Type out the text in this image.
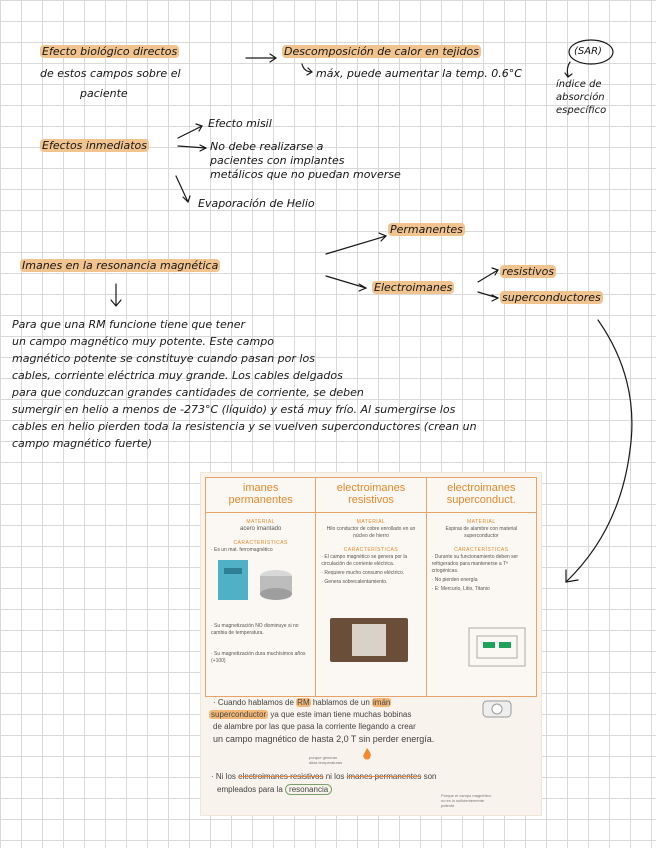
Efecto biológico directos
de estos campos sobre el
paciente
Descomposición de calor en tejidos	(SAR)
máx, puede aumentar la temp. 0.6°C
índice de
absorción
específico
Efectos inmediatos
Efecto misil
No debe realizarse a
pacientes con implantes
metálicos que no puedan moverse
Evaporación de Helio
Permanentes
Imanes en la resonancia magnética
Electroimanes
resistivos
superconductores
Para que una RM funcione tiene que tener
un campo magnético muy potente. Este campo
magnético potente se constituye cuando pasan por los
cables, corriente eléctrica muy grande. Los cables delgados
para que conduzcan grandes cantidades de corriente, se deben
sumergir en helio a menos de -273°C (líquido) y está muy frío. Al sumergirse los
cables en helio pierden toda la resistencia y se vuelven superconductores (crean un
campo magnético fuerte)
imanes
permanentes
MATERIAL
acero imantado
CARACTERÍSTICAS
· Es un mat. ferromagnético
· Su magnetización NO disminuye si no cambia de temperatura.
· Su magnetización dura muchísimos años (+100)
electroimanes
resistivos
MATERIAL
Hilo conductor de cobre enrollado en un núcleo de hierro
CARACTERÍSTICAS
· El campo magnético se genera por la circulación de corriente eléctrica.
· Requiere mucho consumo eléctrico.
· Genera sobrecalentamiento.
electroimanes
superconduct.
MATERIAL
Espiras de alambre con material superconductor
CARACTERÍSTICAS
· Durante su funcionamiento deben ser refrigerados para mantenerse a Tª criogénicas.
· No pierden energía
· E: Mercurio, Litio, Titanio
· Cuando hablamos de RM hablamos de un imán
superconductor ya que este iman tiene muchas bobinas
de alambre por las que pasa la corriente llegando a crear
un campo magnético de hasta 2,0 T sin perder energía.
porque generan
altas temperaturas
· Ni los electroimanes resistivos ni los imanes permanentes son
empleados para la resonancia
Porque el campo magnético
no es lo suficientemente
potente
